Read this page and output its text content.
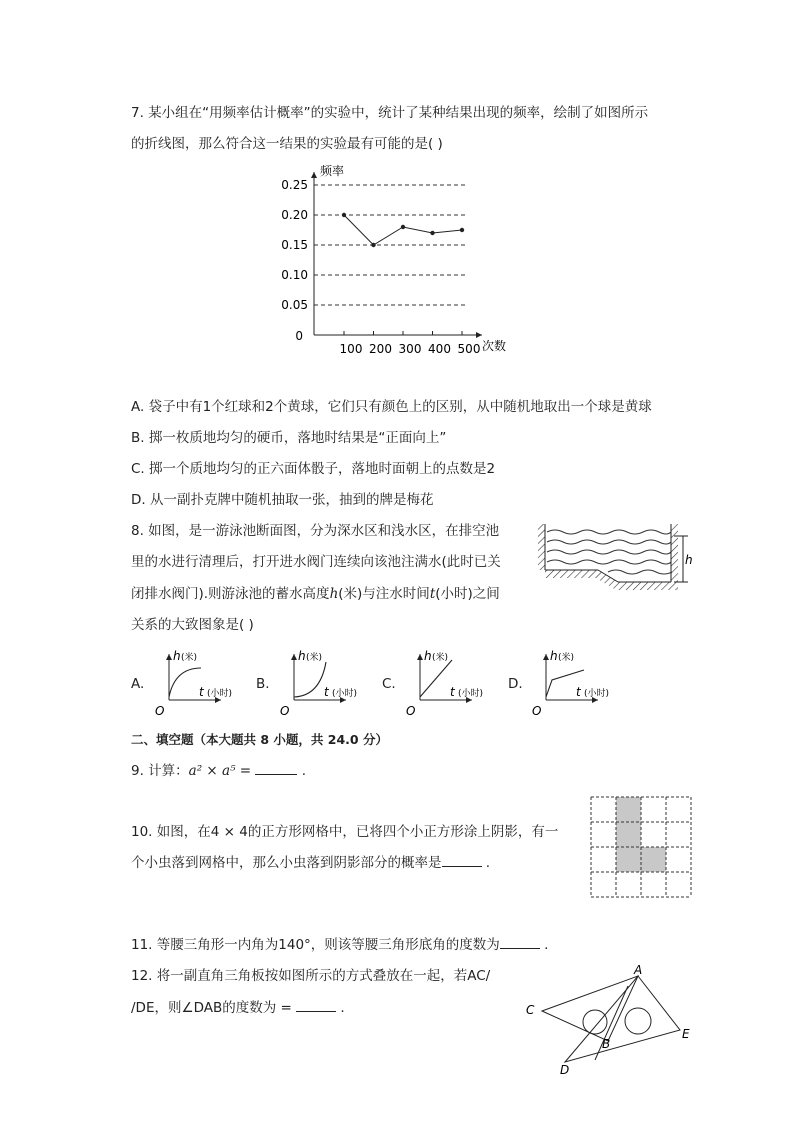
7. 某小组在“用频率估计概率”的实验中，统计了某种结果出现的频率，绘制了如图所示
的折线图，那么符合这一结果的实验最有可能的是( )
频率
次数
0
0.25
0.20
0.15
0.10
0.05
100 200 300 400 500
A. 袋子中有1个红球和2个黄球，它们只有颜色上的区别，从中随机地取出一个球是黄球
B. 掷一枚质地均匀的硬币，落地时结果是“正面向上”
C. 掷一个质地均匀的正六面体骰子，落地时面朝上的点数是2
D. 从一副扑克牌中随机抽取一张，抽到的牌是梅花
8. 如图，是一游泳池断面图，分为深水区和浅水区，在排空池
里的水进行清理后，打开进水阀门连续向该池注满水(此时已关
闭排水阀门).则游泳池的蓄水高度h(米)与注水时间t(小时)之间
关系的大致图象是( )
h
A.
h (米)
t (小时)
O
B.
h (米)
t (小时)
O
C.
h (米)
t (小时)
O
D.
h (米)
t (小时)
O
二、填空题（本大题共 8 小题，共 24.0 分）
9. 计算：a² × a⁵ =	.
10. 如图，在4 × 4的正方形网格中，已将四个小正方形涂上阴影，有一
个小虫落到网格中，那么小虫落到阴影部分的概率是	.
11. 等腰三角形一内角为140°，则该等腰三角形底角的度数为	.
12. 将一副直角三角板按如图所示的方式叠放在一起，若AC/
/DE，则∠DAB的度数为 =	.
A
C
B
E
D
